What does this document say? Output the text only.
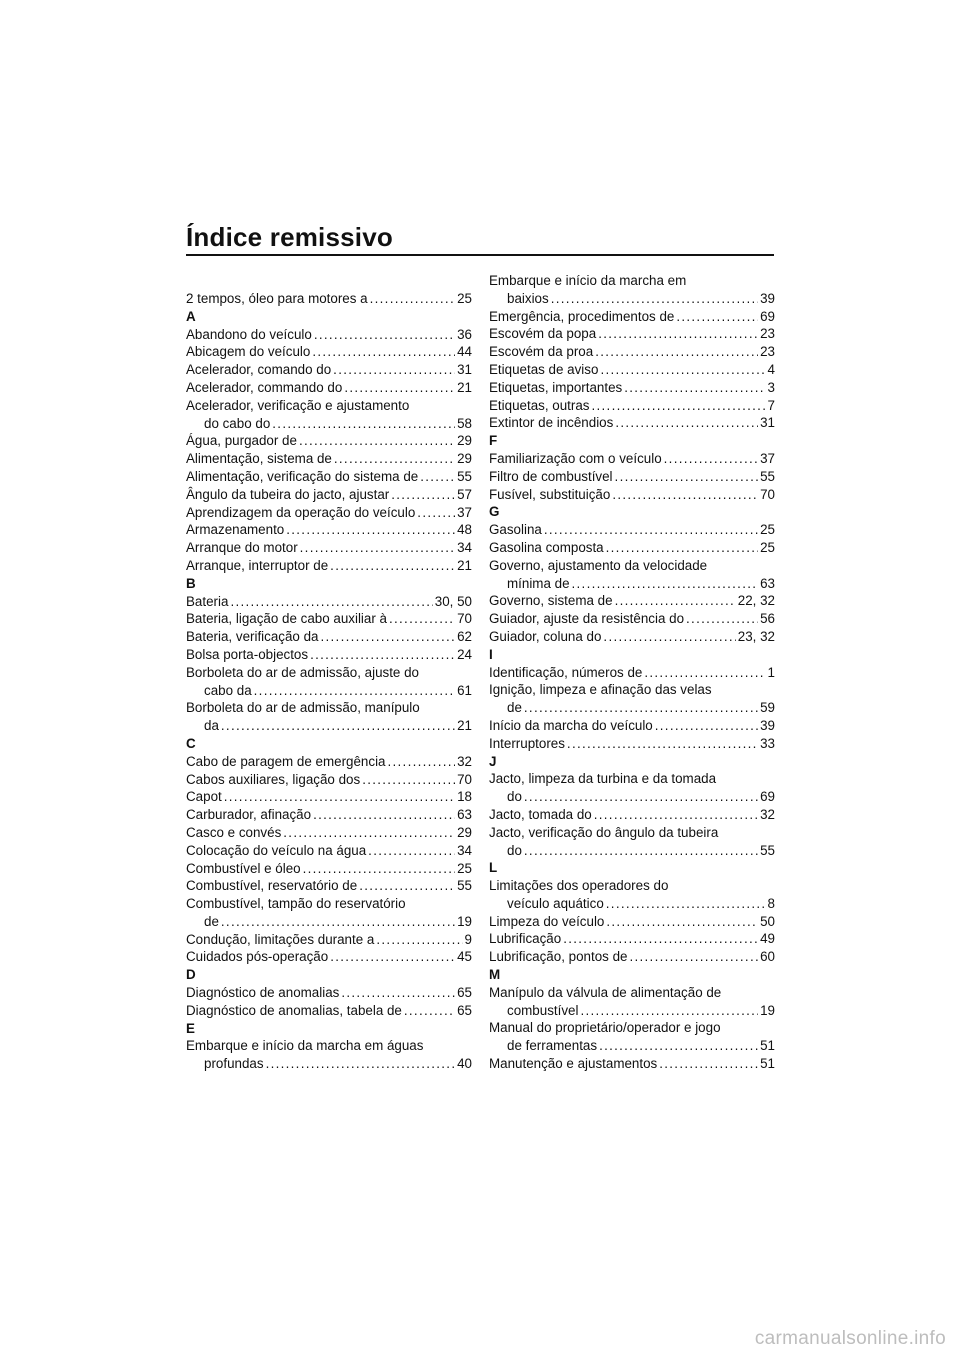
Índice remissivo
2 tempos, óleo para motores a .....	25
A
Abandono do veículo .....	36
Abicagem do veículo .....	44
Acelerador, comando do .....	31
Acelerador, commando do .....	21
Acelerador, verificação e ajustamento
do cabo do .....	58
Água, purgador de .....	29
Alimentação, sistema de .....	29
Alimentação, verificação do sistema de .....	55
Ângulo da tubeira do jacto, ajustar .....	57
Aprendizagem da operação do veículo .....	37
Armazenamento .....	48
Arranque do motor .....	34
Arranque, interruptor de .....	21
B
Bateria .....	30, 50
Bateria, ligação de cabo auxiliar à .....	70
Bateria, verificação da .....	62
Bolsa porta-objectos .....	24
Borboleta do ar de admissão, ajuste do
cabo da .....	61
Borboleta do ar de admissão, manípulo
da .....	21
C
Cabo de paragem de emergência .....	32
Cabos auxiliares, ligação dos .....	70
Capot .....	18
Carburador, afinação .....	63
Casco e convés .....	29
Colocação do veículo na água .....	34
Combustível e óleo .....	25
Combustível, reservatório de .....	55
Combustível, tampão do reservatório
de .....	19
Condução, limitações durante a .....	9
Cuidados pós-operação .....	45
D
Diagnóstico de anomalias .....	65
Diagnóstico de anomalias, tabela de .....	65
E
Embarque e início da marcha em águas
profundas .....	40
Embarque e início da marcha em
baixios .....	39
Emergência, procedimentos de .....	69
Escovém da popa .....	23
Escovém da proa .....	23
Etiquetas de aviso .....	4
Etiquetas, importantes .....	3
Etiquetas, outras .....	7
Extintor de incêndios .....	31
F
Familiarização com o veículo .....	37
Filtro de combustível .....	55
Fusível, substituição .....	70
G
Gasolina .....	25
Gasolina composta .....	25
Governo, ajustamento da velocidade
mínima de .....	63
Governo, sistema de .....	22, 32
Guiador, ajuste da resistência do .....	56
Guiador, coluna do .....	23, 32
I
Identificação, números de .....	1
Ignição, limpeza e afinação das velas
de .....	59
Início da marcha do veículo .....	39
Interruptores .....	33
J
Jacto, limpeza da turbina e da tomada
do .....	69
Jacto, tomada do .....	32
Jacto, verificação do ângulo da tubeira
do .....	55
L
Limitações dos operadores do
veículo aquático .....	8
Limpeza do veículo .....	50
Lubrificação .....	49
Lubrificação, pontos de .....	60
M
Manípulo da válvula de alimentação de
combustível .....	19
Manual do proprietário/operador e jogo
de ferramentas .....	51
Manutenção e ajustamentos .....	51
carmanualsonline.info
